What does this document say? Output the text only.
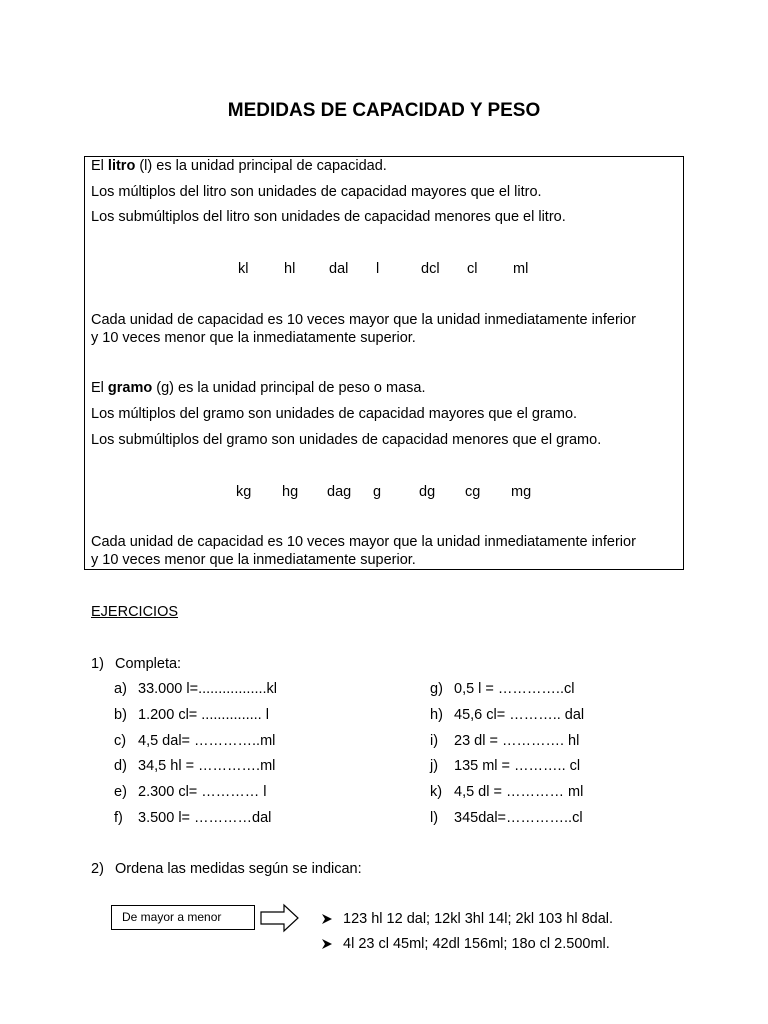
MEDIDAS DE CAPACIDAD Y PESO
El litro (l) es la unidad principal de capacidad.
Los múltiplos del litro son unidades de capacidad mayores que el litro.
Los submúltiplos del litro son unidades de capacidad menores que el litro.
kl hl dal l	dcl cl ml
Cada unidad de capacidad es 10 veces mayor que la unidad inmediatamente inferior
y 10 veces menor que la inmediatamente superior.
El gramo (g) es la unidad principal de peso o masa.
Los múltiplos del gramo son unidades de capacidad mayores que el gramo.
Los submúltiplos del gramo son unidades de capacidad menores que el gramo.
kg hg dag g	dg cg mg
Cada unidad de capacidad es 10 veces mayor que la unidad inmediatamente inferior
y 10 veces menor que la inmediatamente superior.
EJERCICIOS
1) Completa:
a) 33.000 l=.................kl
b) 1.200 cl= ............... l
c) 4,5 dal= …………..ml
d) 34,5 hl = ………….ml
e) 2.300 cl= ………… l
f) 3.500 l= …………dal
g) 0,5 l = …………..cl
h) 45,6 cl= ……….. dal
i) 23 dl = …………. hl
j) 135 ml = ……….. cl
k) 4,5 dl = ………… ml
l) 345dal=…………..cl
2) Ordena las medidas según se indican:
De mayor a menor	123 hl 12 dal; 12kl 3hl 14l; 2kl 103 hl 8dal.
4l 23 cl 45ml; 42dl 156ml; 18o cl 2.500ml.
